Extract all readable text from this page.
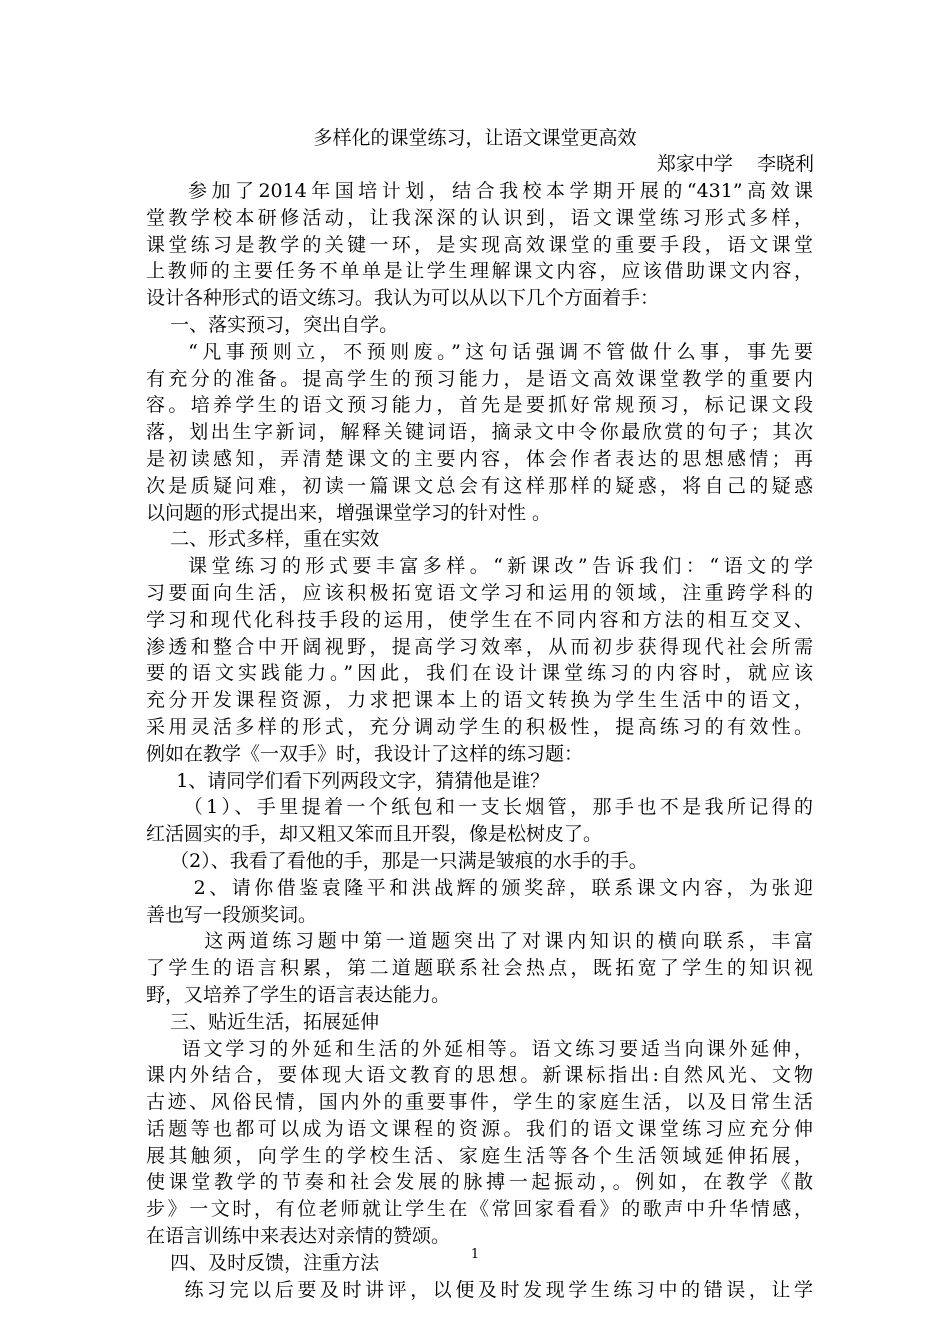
多样化的课堂练习，让语文课堂更高效
郑家中学    李晓利
参加了2014年国培计划，结合我校本学期开展的“431”高效课
堂教学校本研修活动，让我深深的认识到，语文课堂练习形式多样，
课堂练习是教学的关键一环，是实现高效课堂的重要手段，语文课堂
上教师的主要任务不单单是让学生理解课文内容，应该借助课文内容，
设计各种形式的语文练习。我认为可以从以下几个方面着手：
一、落实预习，突出自学。
“凡事预则立，不预则废。”这句话强调不管做什么事，事先要
有充分的准备。提高学生的预习能力，是语文高效课堂教学的重要内
容。培养学生的语文预习能力，首先是要抓好常规预习，标记课文段
落，划出生字新词，解释关键词语，摘录文中令你最欣赏的句子；其次
是初读感知，弄清楚课文的主要内容，体会作者表达的思想感情；再
次是质疑问难，初读一篇课文总会有这样那样的疑惑，将自己的疑惑
以问题的形式提出来，增强课堂学习的针对性 。
二、形式多样，重在实效
课堂练习的形式要丰富多样。“新课改”告诉我们：“语文的学
习要面向生活，应该积极拓宽语文学习和运用的领域，注重跨学科的
学习和现代化科技手段的运用，使学生在不同内容和方法的相互交叉、
渗透和整合中开阔视野，提高学习效率，从而初步获得现代社会所需
要的语文实践能力。”因此，我们在设计课堂练习的内容时，就应该
充分开发课程资源，力求把课本上的语文转换为学生生活中的语文，
采用灵活多样的形式，充分调动学生的积极性，提高练习的有效性。
例如在教学《一双手》时，我设计了这样的练习题：
1、请同学们看下列两段文字，猜猜他是谁？
（1）、手里提着一个纸包和一支长烟管，那手也不是我所记得的
红活圆实的手，却又粗又笨而且开裂，像是松树皮了。
（2）、我看了看他的手，那是一只满是皱痕的水手的手。
2、请你借鉴袁隆平和洪战辉的颁奖辞，联系课文内容，为张迎
善也写一段颁奖词。
这两道练习题中第一道题突出了对课内知识的横向联系，丰富
了学生的语言积累，第二道题联系社会热点，既拓宽了学生的知识视
野，又培养了学生的语言表达能力。
三、贴近生活，拓展延伸
语文学习的外延和生活的外延相等。语文练习要适当向课外延伸，
课内外结合，要体现大语文教育的思想。新课标指出:自然风光、文物
古迹、风俗民情，国内外的重要事件，学生的家庭生活，以及日常生活
话题等也都可以成为语文课程的资源。我们的语文课堂练习应充分伸
展其触须，向学生的学校生活、家庭生活等各个生活领域延伸拓展，
使课堂教学的节奏和社会发展的脉搏一起振动，。例如，在教学《散
步》一文时，有位老师就让学生在《常回家看看》的歌声中升华情感，
在语言训练中来表达对亲情的赞颂。
四、及时反馈，注重方法
练习完以后要及时讲评，以便及时发现学生练习中的错误，让学
1
